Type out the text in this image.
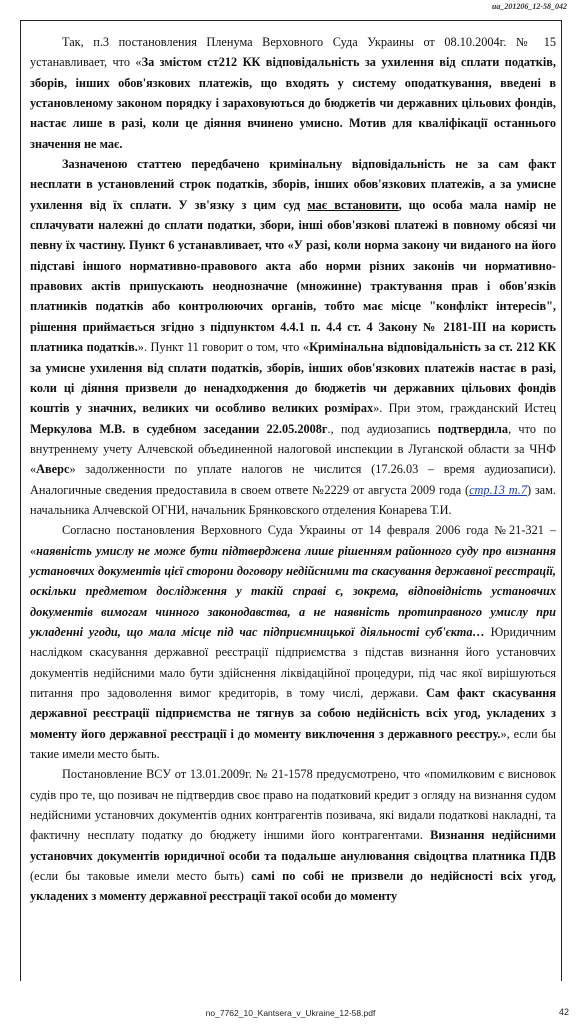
ua_201206_12-58_042

Так, п.3 постановления Пленума Верховного Суда Украины от 08.10.2004г. № 15 устанавливает, что «За змістом ст212 КК відповідальність за ухилення від сплати податків, зборів, інших обов'язкових платежів, що входять у систему оподаткування, введені в установленому законом порядку і зараховуються до бюджетів чи державних цільових фондів, настає лише в разі, коли це діяння вчинено умисно. Мотив для кваліфікації останнього значення не має.

Зазначеною статтею передбачено кримінальну відповідальність не за сам факт несплати в установлений строк податків, зборів, інших обов'язкових платежів, а за умисне ухилення від їх сплати. У зв'язку з цим суд має встановити, що особа мала намір не сплачувати належні до сплати податки, збори, інші обов'язкові платежі в повному обсязі чи певну їх частину. Пункт 6 устанавливает, что «У разі, коли норма закону чи виданого на його підставі іншого нормативно-правового акта або норми різних законів чи нормативно-правових актів припускають неоднозначне (множинне) трактування прав і обов'язків платників податків або контролюючих органів, тобто має місце "конфлікт інтересів", рішення приймається згідно з підпунктом 4.4.1 п. 4.4 ст. 4 Закону № 2181-ІІІ на користь платника податків.». Пункт 11 говорит о том, что «Кримінальна відповідальність за ст. 212 КК за умисне ухилення від сплати податків, зборів, інших обов'язкових платежів настає в разі, коли ці діяння призвели до ненадходження до бюджетів чи державних цільових фондів коштів у значних, великих чи особливо великих розмірах». При этом, гражданский Истец Меркулова М.В. в судебном заседании 22.05.2008г., под аудиозапись подтвердила, что по внутреннему учету Алчевской объединенной налоговой инспекции в Луганской области за ЧНФ «Аверс» задолженности по уплате налогов не числится (17.26.03 – время аудиозаписи). Аналогичные сведения предоставила в своем ответе №2229 от августа 2009 года (стр.13 т.7) зам. начальника Алчевской ОГНИ, начальник Брянковского отделения Конарева Т.И.

Согласно постановления Верховного Суда Украины от 14 февраля 2006 года №21-321 – «наявність умислу не може бути підтверджена лише рішенням районного суду про визнання установчих документів цієї сторони договору недійсними та скасування державної реєстрації, оскільки предметом дослідження у такій справі є, зокрема, відповідність установчих документів вимогам чинного законодавства, а не наявність протиправного умислу при укладенні угоди, що мала місце під час підприємницької діяльності суб'єкта… Юридичним наслідком скасування державної реєстрації підприємства з підстав визнання його установчих документів недійсними мало бути здійснення ліквідаційної процедури, під час якої вирішуються питання про задоволення вимог кредиторів, в тому числі, держави. Сам факт скасування державної реєстрації підприємства не тягнув за собою недійсність всіх угод, укладених з моменту його державної реєстрації і до моменту виключення з державного реєстру.», если бы такие имели место быть.

Постановление ВСУ от 13.01.2009г. № 21-1578 предусмотрено, что «помилковим є висновок судів про те, що позивач не підтвердив своє право на податковий кредит з огляду на визнання судом недійсними установчих документів одних контрагентів позивача, які видали податкові накладні, та фактичну несплату податку до бюджету іншими його контрагентами. Визнання недійсними установчих документів юридичної особи та подальше анулювання свідоцтва платника ПДВ (если бы таковые имели место быть) самі по собі не призвели до недійсності всіх угод, укладених з моменту державної реєстрації такої особи до моменту

no_7762_10_Kantsera_v_Ukraine_12-58.pdf	42
